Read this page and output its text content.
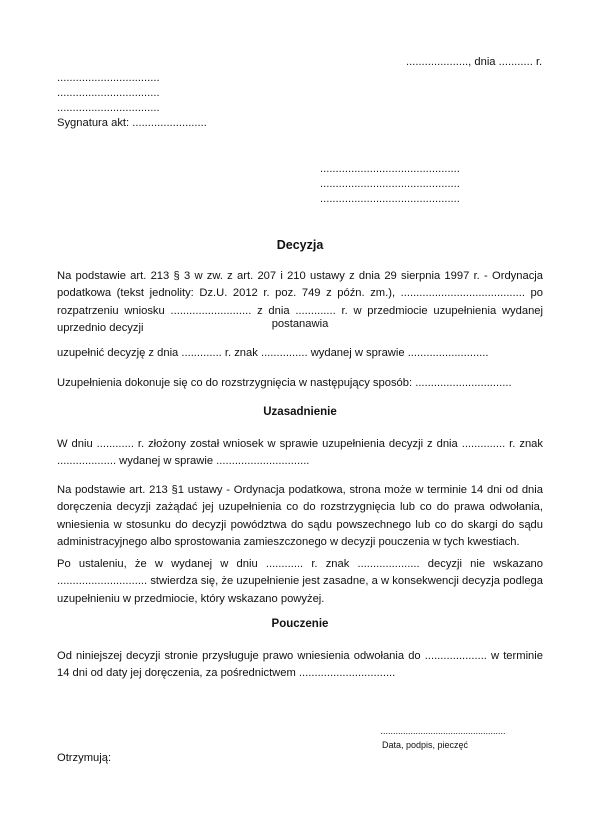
...................., dnia ........... r.
.................................
.................................
.................................
Sygnatura akt: ........................
.............................................
.............................................
.............................................
Decyzja
Na podstawie art. 213 § 3 w zw. z art. 207 i 210 ustawy z dnia 29 sierpnia 1997 r. - Ordynacja podatkowa (tekst jednolity: Dz.U. 2012 r. poz. 749 z późn. zm.), ........................................ po rozpatrzeniu wniosku .......................... z dnia ............. r. w przedmiocie uzupełnienia wydanej uprzednio decyzji	postanawia
uzupełnić decyzję z dnia ............. r. znak ............... wydanej w sprawie ..........................
Uzupełnienia dokonuje się co do rozstrzygnięcia w następujący sposób: ...............................
Uzasadnienie
W dniu ............ r. złożony został wniosek w sprawie uzupełnienia decyzji z dnia .............. r. znak ................... wydanej w sprawie ..............................
Na podstawie art. 213 §1 ustawy - Ordynacja podatkowa, strona może w terminie 14 dni od dnia doręczenia decyzji zażądać jej uzupełnienia co do rozstrzygnięcia lub co do prawa odwołania, wniesienia w stosunku do decyzji powództwa do sądu powszechnego lub co do skargi do sądu administracyjnego albo sprostowania zamieszczonego w decyzji pouczenia w tych kwestiach.
Po ustaleniu, że w wydanej w dniu ............ r. znak .................... decyzji nie wskazano ............................. stwierdza się, że uzupełnienie jest zasadne, a w konsekwencji decyzja podlega uzupełnieniu w przedmiocie, który wskazano powyżej.
Pouczenie
Od niniejszej decyzji stronie przysługuje prawo wniesienia odwołania do .................... w terminie 14 dni od daty jej doręczenia, za pośrednictwem ...............................
..................................................
Data, podpis, pieczęć
Otrzymują:
